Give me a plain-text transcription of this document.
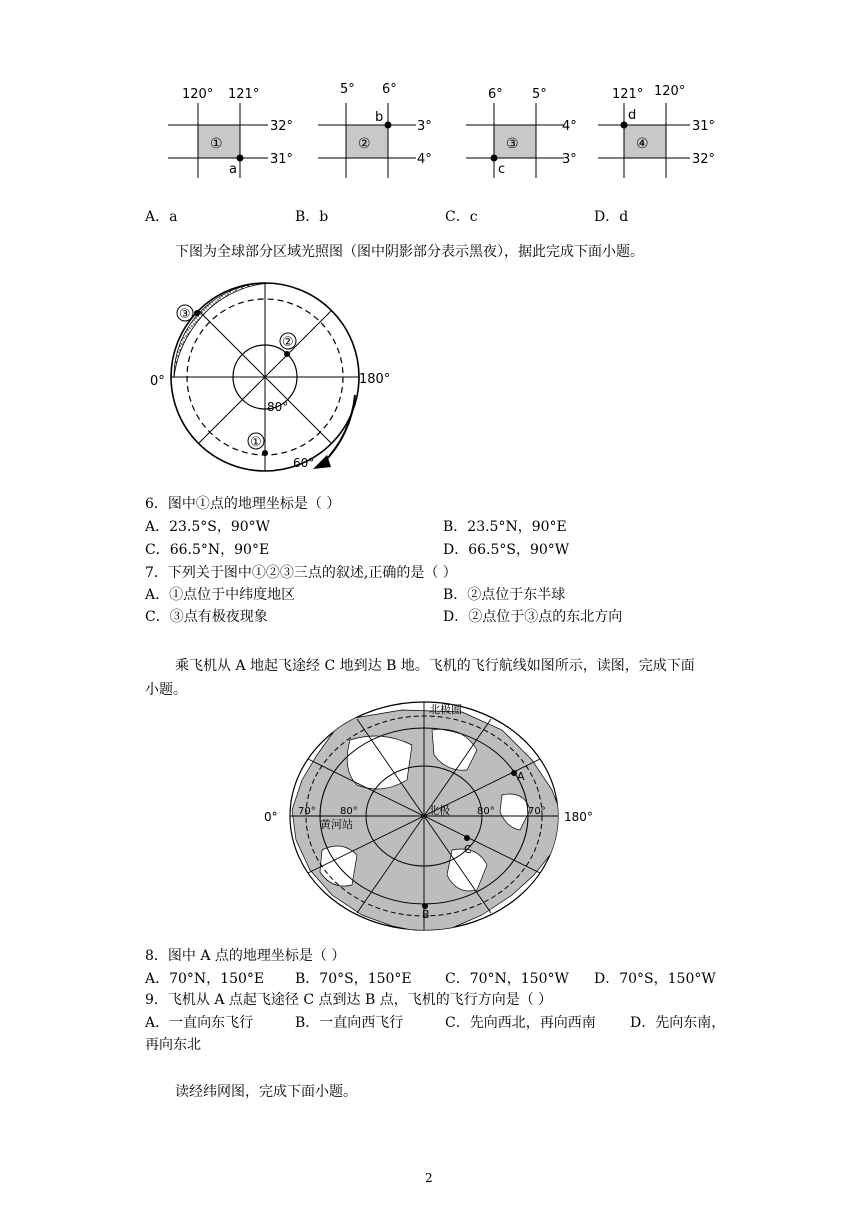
120° 121°
32°
31°
①
a
5° 6°
3°
4°
②
b
6° 5°
4°
3°
③
c
121° 120°
31°
32°
④
d
A．a	B．b	C．c	D．d
下图为全球部分区域光照图（图中阴影部分表示黑夜），据此完成下面小题。
③
②
①
0°	180°
80°
60°
6．图中①点的地理坐标是（ ）
A．23.5°S，90°W	B．23.5°N，90°E
C．66.5°N，90°E	D．66.5°S，90°W
7．下列关于图中①②③三点的叙述,正确的是（ ）
A．①点位于中纬度地区	B．②点位于东半球
C．③点有极夜现象	D．②点位于③点的东北方向
乘飞机从 A 地起飞途经 C 地到达 B 地。飞机的飞行航线如图所示，读图，完成下面
小题。
北极圈
北极
黄河站
0°	180°
70° 80°	80°	70°
A
C
B
8．图中 A 点的地理坐标是（ ）
A．70°N，150°E B．70°S，150°E C．70°N，150°W D．70°S，150°W
9．飞机从 A 点起飞途径 C 点到达 B 点，飞机的飞行方向是（ ）
A．一直向东飞行	B．一直向西飞行	C．先向西北，再向西南 D．先向东南，
再向东北
读经纬网图，完成下面小题。
2
